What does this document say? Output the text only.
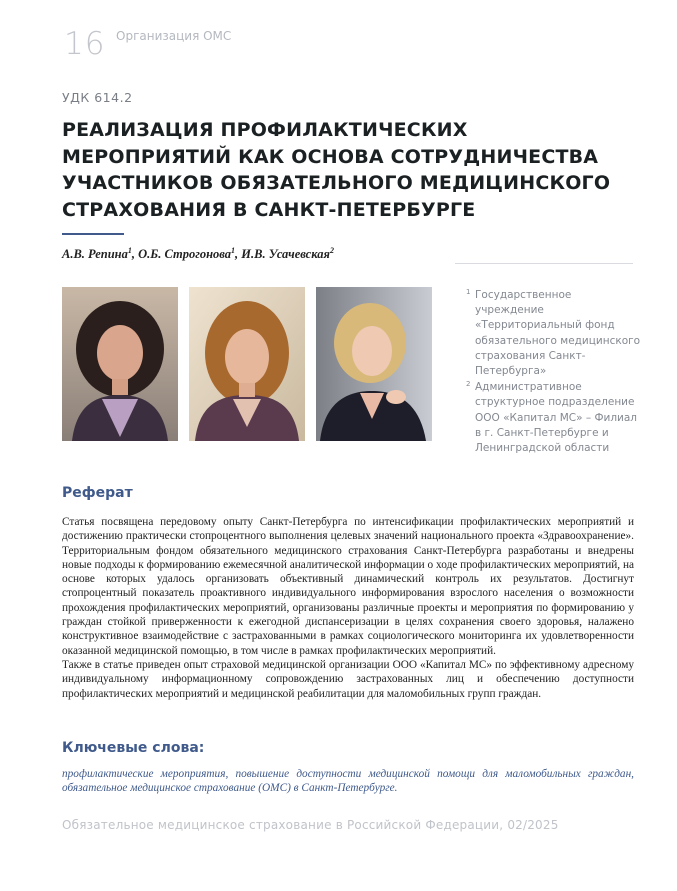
16 Организация ОМС
УДК 614.2
РЕАЛИЗАЦИЯ ПРОФИЛАКТИЧЕСКИХ МЕРОПРИЯТИЙ КАК ОСНОВА СОТРУДНИЧЕСТВА УЧАСТНИКОВ ОБЯЗАТЕЛЬНОГО МЕДИЦИНСКОГО СТРАХОВАНИЯ В САНКТ-ПЕТЕРБУРГЕ
А.В. Репина$^1$, О.Б. Строгонова$^1$, И.В. Усачевская$^2$

1 Государственное учреждение «Территориальный фонд обязательного медицинского страхования Санкт-Петербурга»

2 Административное структурное подразделение ООО «Капитал МС» – Филиал в г. Санкт-Петербурге и Ленинградской области

Реферат

Статья посвящена передовому опыту Санкт-Петербурга по интенсификации профилактических мероприятий и достижению практически стопроцентного выполнения целевых значений национального проекта «Здравоохранение». Территориальным фондом обязательного медицинского страхования Санкт-Петербурга разработаны и внедрены новые подходы к формированию ежемесячной аналитической информации о ходе профилактических мероприятий, на основе которых удалось организовать объективный динамический контроль их результатов. Достигнут стопроцентный показатель проактивного индивидуального информирования взрослого населения о возможности прохождения профилактических мероприятий, организованы различные проекты и мероприятия по формированию у граждан стойкой приверженности к ежегодной диспансеризации в целях сохранения своего здоровья, налажено конструктивное взаимодействие с застрахованными в рамках социологического мониторинга их удовлетворенности оказанной медицинской помощью, в том числе в рамках профилактических мероприятий.

Также в статье приведен опыт страховой медицинской организации ООО «Капитал МС» по эффективному адресному индивидуальному информационному сопровождению застрахованных лиц и обеспечению доступности профилактических мероприятий и медицинской реабилитации для маломобильных групп граждан.

Ключевые слова:

профилактические мероприятия, повышение доступности медицинской помощи для маломобильных граждан, обязательное медицинское страхование (ОМС) в Санкт-Петербурге.

Обязательное медицинское страхование в Российской Федерации, 02/2025
